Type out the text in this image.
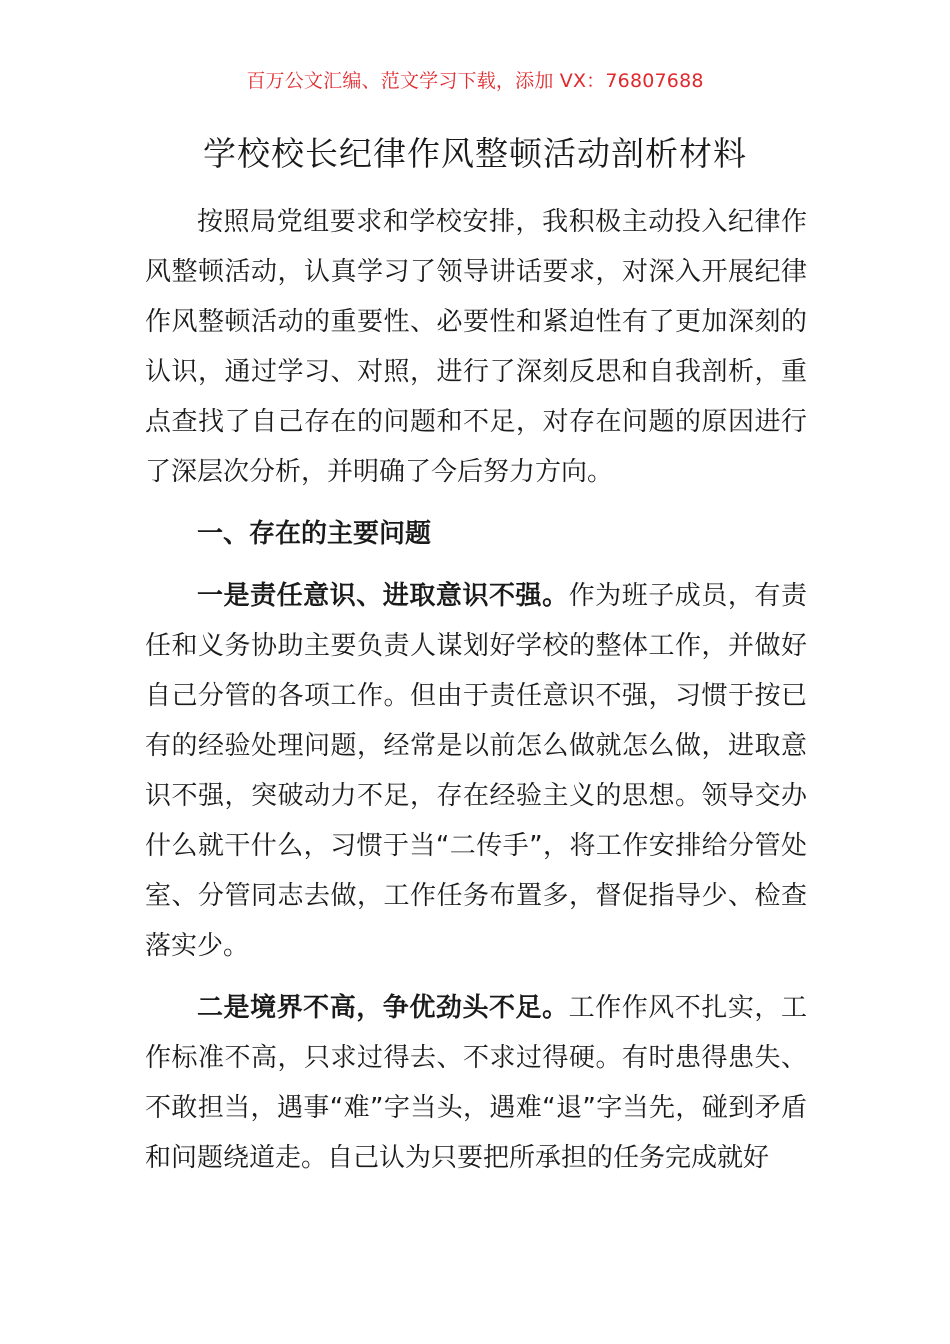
百万公文汇编、范文学习下载，添加 VX：76807688
学校校长纪律作风整顿活动剖析材料

按照局党组要求和学校安排，我积极主动投入纪律作风整顿活动，认真学习了领导讲话要求，对深入开展纪律作风整顿活动的重要性、必要性和紧迫性有了更加深刻的认识，通过学习、对照，进行了深刻反思和自我剖析，重点查找了自己存在的问题和不足，对存在问题的原因进行了深层次分析，并明确了今后努力方向。

一、存在的主要问题

一是责任意识、进取意识不强。作为班子成员，有责任和义务协助主要负责人谋划好学校的整体工作，并做好自己分管的各项工作。但由于责任意识不强，习惯于按已有的经验处理问题，经常是以前怎么做就怎么做，进取意识不强，突破动力不足，存在经验主义的思想。领导交办什么就干什么，习惯于当“二传手”，将工作安排给分管处室、分管同志去做，工作任务布置多，督促指导少、检查落实少。

二是境界不高，争优劲头不足。工作作风不扎实，工作标准不高，只求过得去、不求过得硬。有时患得患失、不敢担当，遇事“难”字当头，遇难“退”字当先，碰到矛盾和问题绕道走。自己认为只要把所承担的任务完成就好
